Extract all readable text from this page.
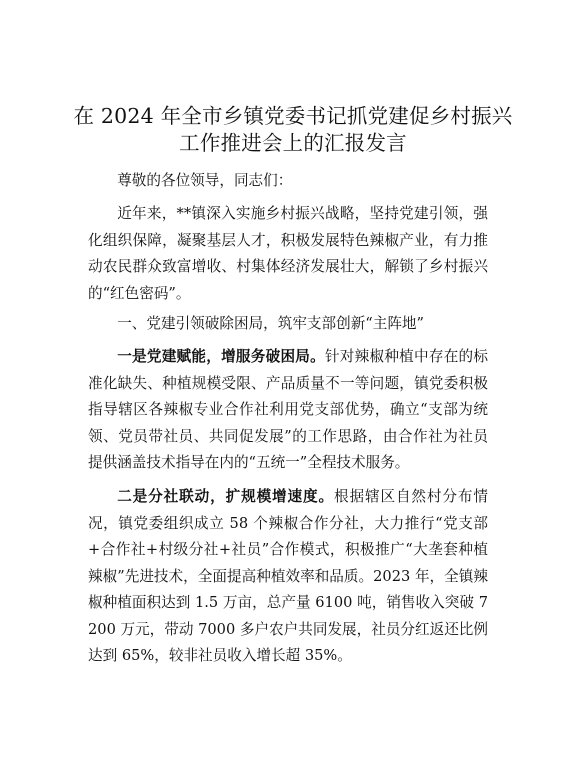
在 2024 年全市乡镇党委书记抓党建促乡村振兴
工作推进会上的汇报发言
尊敬的各位领导，同志们：
近年来，**镇深入实施乡村振兴战略，坚持党建引领，强化组织保障，凝聚基层人才，积极发展特色辣椒产业，有力推动农民群众致富增收、村集体经济发展壮大，解锁了乡村振兴的“红色密码”。
一、党建引领破除困局，筑牢支部创新“主阵地”
一是党建赋能，增服务破困局。针对辣椒种植中存在的标准化缺失、种植规模受限、产品质量不一等问题，镇党委积极指导辖区各辣椒专业合作社利用党支部优势，确立“支部为统领、党员带社员、共同促发展”的工作思路，由合作社为社员提供涵盖技术指导在内的“五统一”全程技术服务。
二是分社联动，扩规模增速度。根据辖区自然村分布情况，镇党委组织成立 58 个辣椒合作分社，大力推行“党支部+合作社+村级分社+社员”合作模式，积极推广“大垄套种植辣椒”先进技术，全面提高种植效率和品质。2023 年，全镇辣椒种植面积达到 1.5 万亩，总产量 6100 吨，销售收入突破 7200 万元，带动 7000 多户农户共同发展，社员分红返还比例达到 65%，较非社员收入增长超 35%。
